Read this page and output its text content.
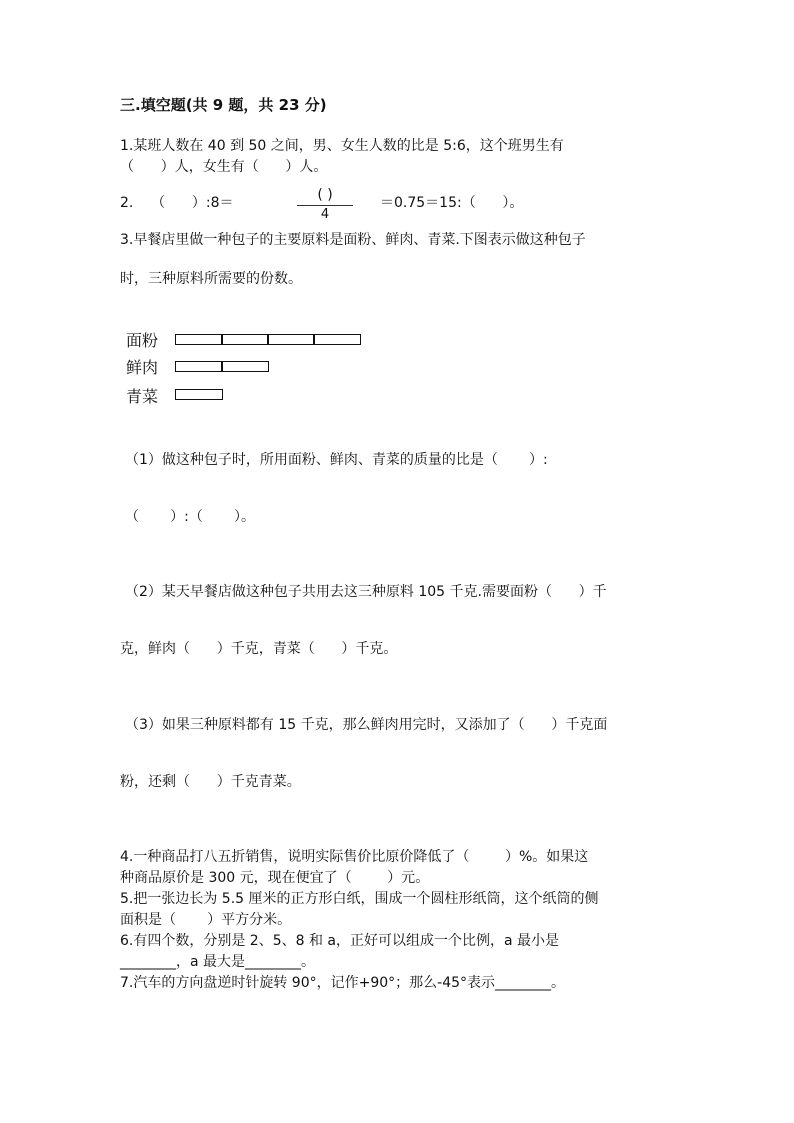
三.填空题(共 9 题，共 23 分)
1.某班人数在 40 到 50 之间，男、女生人数的比是 5:6，这个班男生有
（      ）人，女生有（      ）人。
2.    （      ）:8＝	( )
4
＝0.75＝15:（      ）。
3.早餐店里做一种包子的主要原料是面粉、鲜肉、青菜.下图表示做这种包子
时，三种原料所需要的份数。
面粉
鲜肉
青菜
（1）做这种包子时，所用面粉、鲜肉、青菜的质量的比是（       ）:
（       ）:（       ）。
（2）某天早餐店做这种包子共用去这三种原料 105 千克.需要面粉（      ）千
克，鲜肉（      ）千克，青菜（      ）千克。
（3）如果三种原料都有 15 千克，那么鲜肉用完时，又添加了（      ）千克面
粉，还剩（      ）千克青菜。
4.一种商品打八五折销售，说明实际售价比原价降低了（        ）%。如果这
种商品原价是 300 元，现在便宜了（        ）元。
5.把一张边长为 5.5 厘米的正方形白纸，围成一个圆柱形纸筒，这个纸筒的侧
面积是（       ）平方分米。
6.有四个数，分别是 2、5、8 和 a，正好可以组成一个比例，a 最小是
________，a 最大是________。
7.汽车的方向盘逆时针旋转 90°，记作+90°；那么-45°表示________。
